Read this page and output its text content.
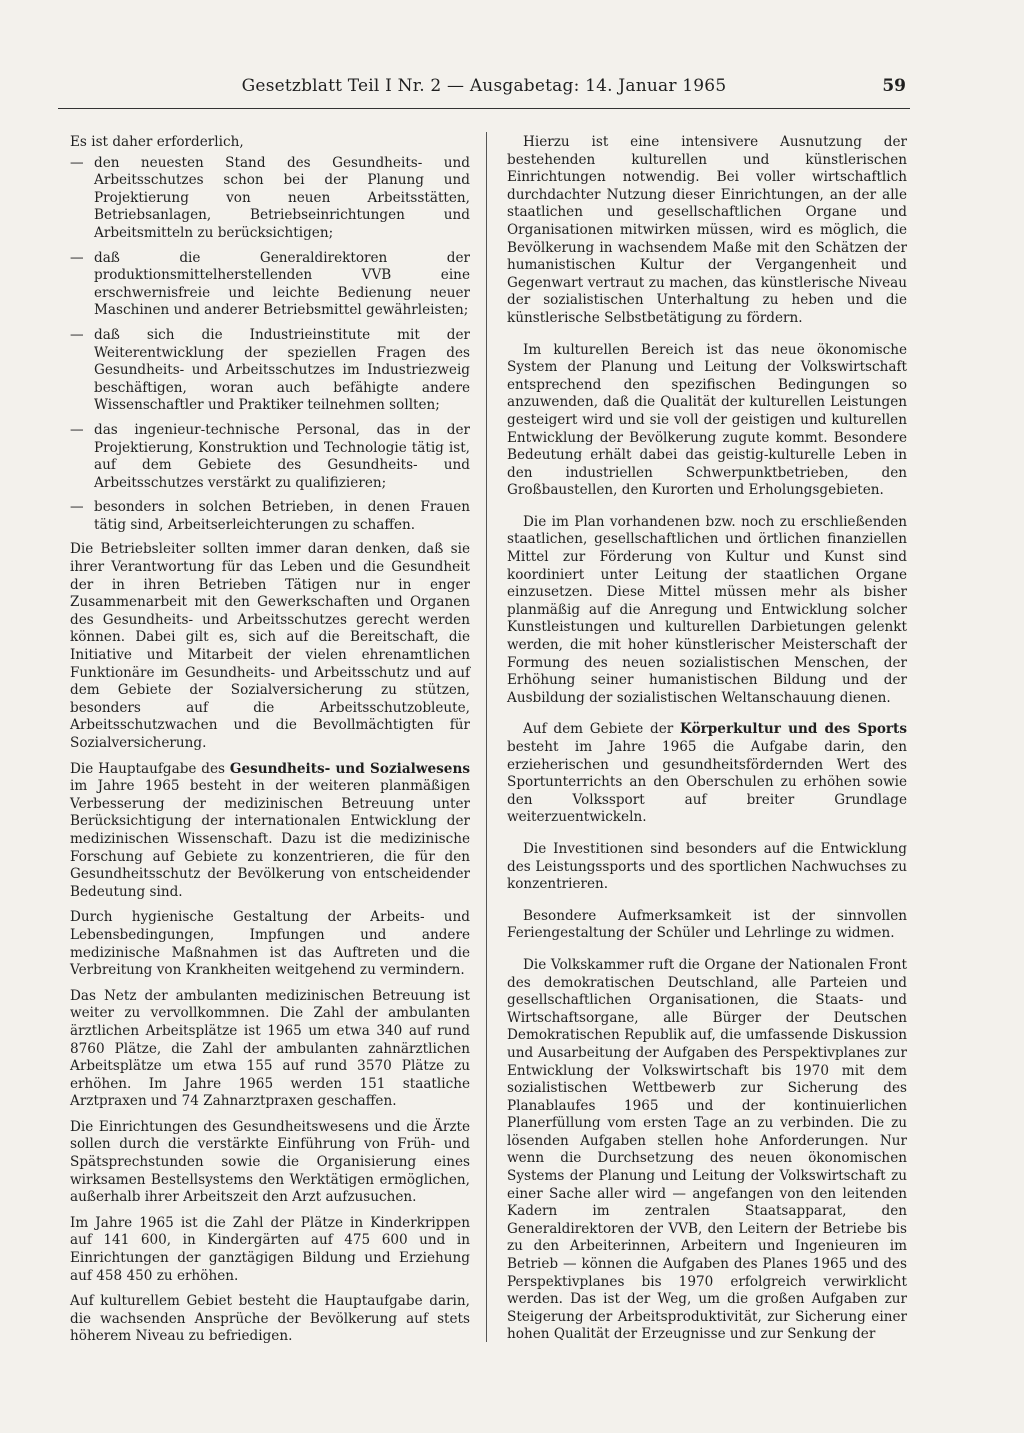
Gesetzblatt Teil I Nr. 2 — Ausgabetag: 14. Januar 1965	59

Es ist daher erforderlich,

— den neuesten Stand des Gesundheits- und Arbeitsschutzes schon bei der Planung und Projektierung von neuen Arbeitsstätten, Betriebsanlagen, Betriebseinrichtungen und Arbeitsmitteln zu berücksichtigen;
— daß die Generaldirektoren der produktionsmittelherstellenden VVB eine erschwernisfreie und leichte Bedienung neuer Maschinen und anderer Betriebsmittel gewährleisten;
— daß sich die Industrieinstitute mit der Weiterentwicklung der speziellen Fragen des Gesundheits- und Arbeitsschutzes im Industriezweig beschäftigen, woran auch befähigte andere Wissenschaftler und Praktiker teilnehmen sollten;
— das ingenieur-technische Personal, das in der Projektierung, Konstruktion und Technologie tätig ist, auf dem Gebiete des Gesundheits- und Arbeitsschutzes verstärkt zu qualifizieren;
— besonders in solchen Betrieben, in denen Frauen tätig sind, Arbeitserleichterungen zu schaffen.

Die Betriebsleiter sollten immer daran denken, daß sie ihrer Verantwortung für das Leben und die Gesundheit der in ihren Betrieben Tätigen nur in enger Zusammenarbeit mit den Gewerkschaften und Organen des Gesundheits- und Arbeitsschutzes gerecht werden können. Dabei gilt es, sich auf die Bereitschaft, die Initiative und Mitarbeit der vielen ehrenamtlichen Funktionäre im Gesundheits- und Arbeitsschutz und auf dem Gebiete der Sozialversicherung zu stützen, besonders auf die Arbeitsschutzobleute, Arbeitsschutzwachen und die Bevollmächtigten für Sozialversicherung.

Die Hauptaufgabe des Gesundheits- und Sozialwesens im Jahre 1965 besteht in der weiteren planmäßigen Verbesserung der medizinischen Betreuung unter Berücksichtigung der internationalen Entwicklung der medizinischen Wissenschaft. Dazu ist die medizinische Forschung auf Gebiete zu konzentrieren, die für den Gesundheitsschutz der Bevölkerung von entscheidender Bedeutung sind.

Durch hygienische Gestaltung der Arbeits- und Lebensbedingungen, Impfungen und andere medizinische Maßnahmen ist das Auftreten und die Verbreitung von Krankheiten weitgehend zu vermindern.

Das Netz der ambulanten medizinischen Betreuung ist weiter zu vervollkommnen. Die Zahl der ambulanten ärztlichen Arbeitsplätze ist 1965 um etwa 340 auf rund 8760 Plätze, die Zahl der ambulanten zahnärztlichen Arbeitsplätze um etwa 155 auf rund 3570 Plätze zu erhöhen. Im Jahre 1965 werden 151 staatliche Arztpraxen und 74 Zahnarztpraxen geschaffen.

Die Einrichtungen des Gesundheitswesens und die Ärzte sollen durch die verstärkte Einführung von Früh- und Spätsprechstunden sowie die Organisierung eines wirksamen Bestellsystems den Werktätigen ermöglichen, außerhalb ihrer Arbeitszeit den Arzt aufzusuchen.

Im Jahre 1965 ist die Zahl der Plätze in Kinderkrippen auf 141 600, in Kindergärten auf 475 600 und in Einrichtungen der ganztägigen Bildung und Erziehung auf 458 450 zu erhöhen.

Auf kulturellem Gebiet besteht die Hauptaufgabe darin, die wachsenden Ansprüche der Bevölkerung auf stets höherem Niveau zu befriedigen.

Hierzu ist eine intensivere Ausnutzung der bestehenden kulturellen und künstlerischen Einrichtungen notwendig. Bei voller wirtschaftlich durchdachter Nutzung dieser Einrichtungen, an der alle staatlichen und gesellschaftlichen Organe und Organisationen mitwirken müssen, wird es möglich, die Bevölkerung in wachsendem Maße mit den Schätzen der humanistischen Kultur der Vergangenheit und Gegenwart vertraut zu machen, das künstlerische Niveau der sozialistischen Unterhaltung zu heben und die künstlerische Selbstbetätigung zu fördern.

Im kulturellen Bereich ist das neue ökonomische System der Planung und Leitung der Volkswirtschaft entsprechend den spezifischen Bedingungen so anzuwenden, daß die Qualität der kulturellen Leistungen gesteigert wird und sie voll der geistigen und kulturellen Entwicklung der Bevölkerung zugute kommt. Besondere Bedeutung erhält dabei das geistig-kulturelle Leben in den industriellen Schwerpunktbetrieben, den Großbaustellen, den Kurorten und Erholungsgebieten.

Die im Plan vorhandenen bzw. noch zu erschließenden staatlichen, gesellschaftlichen und örtlichen finanziellen Mittel zur Förderung von Kultur und Kunst sind koordiniert unter Leitung der staatlichen Organe einzusetzen. Diese Mittel müssen mehr als bisher planmäßig auf die Anregung und Entwicklung solcher Kunstleistungen und kulturellen Darbietungen gelenkt werden, die mit hoher künstlerischer Meisterschaft der Formung des neuen sozialistischen Menschen, der Erhöhung seiner humanistischen Bildung und der Ausbildung der sozialistischen Weltanschauung dienen.

Auf dem Gebiete der Körperkultur und des Sports besteht im Jahre 1965 die Aufgabe darin, den erzieherischen und gesundheitsfördernden Wert des Sportunterrichts an den Oberschulen zu erhöhen sowie den Volkssport auf breiter Grundlage weiterzuentwickeln.

Die Investitionen sind besonders auf die Entwicklung des Leistungssports und des sportlichen Nachwuchses zu konzentrieren.

Besondere Aufmerksamkeit ist der sinnvollen Feriengestaltung der Schüler und Lehrlinge zu widmen.

Die Volkskammer ruft die Organe der Nationalen Front des demokratischen Deutschland, alle Parteien und gesellschaftlichen Organisationen, die Staats- und Wirtschaftsorgane, alle Bürger der Deutschen Demokratischen Republik auf, die umfassende Diskussion und Ausarbeitung der Aufgaben des Perspektivplanes zur Entwicklung der Volkswirtschaft bis 1970 mit dem sozialistischen Wettbewerb zur Sicherung des Planablaufes 1965 und der kontinuierlichen Planerfüllung vom ersten Tage an zu verbinden. Die zu lösenden Aufgaben stellen hohe Anforderungen. Nur wenn die Durchsetzung des neuen ökonomischen Systems der Planung und Leitung der Volkswirtschaft zu einer Sache aller wird — angefangen von den leitenden Kadern im zentralen Staatsapparat, den Generaldirektoren der VVB, den Leitern der Betriebe bis zu den Arbeiterinnen, Arbeitern und Ingenieuren im Betrieb — können die Aufgaben des Planes 1965 und des Perspektivplanes bis 1970 erfolgreich verwirklicht werden. Das ist der Weg, um die großen Aufgaben zur Steigerung der Arbeitsproduktivität, zur Sicherung einer hohen Qualität der Erzeugnisse und zur Senkung der
